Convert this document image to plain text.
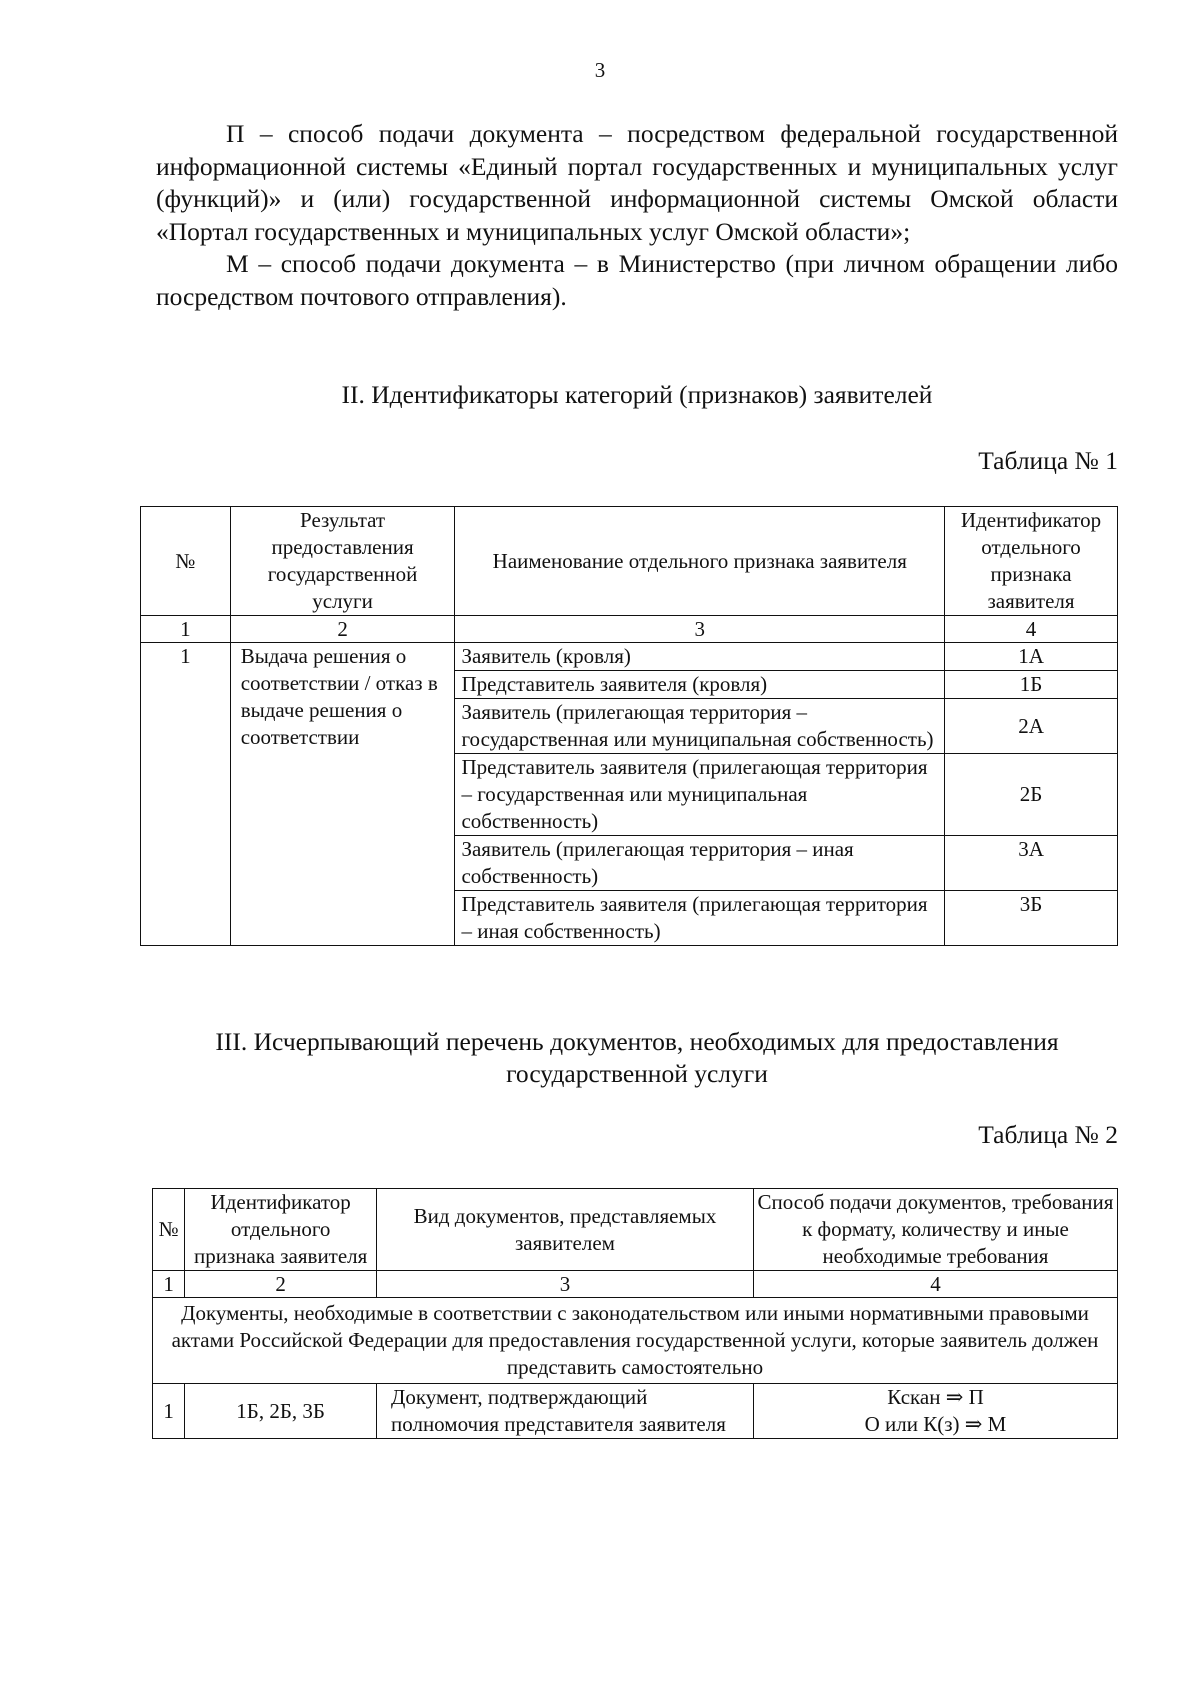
3

П – способ подачи документа – посредством федеральной государственной информационной системы «Единый портал государственных и муниципальных услуг (функций)» и (или) государственной информационной системы Омской области «Портал государственных и муниципальных услуг Омской области»;

М – способ подачи документа – в Министерство (при личном обращении либо посредством почтового отправления).

II. Идентификаторы категорий (признаков) заявителей
Таблица № 1
№	Результат предоставления государственной услуги	Наименование отдельного признака заявителя	Идентификатор отдельного признака заявителя
1	2	3	4
1	Выдача решения о соответствии / отказ в выдаче решения о соответствии	Заявитель (кровля)	1А
		Представитель заявителя (кровля)	1Б
		Заявитель (прилегающая территория – государственная или муниципальная собственность)	2А
		Представитель заявителя (прилегающая территория – государственная или муниципальная собственность)	2Б
		Заявитель (прилегающая территория – иная собственность)	3А
		Представитель заявителя (прилегающая территория – иная собственность)	3Б
III. Исчерпывающий перечень документов, необходимых для предоставления государственной услуги
Таблица № 2
№	Идентификатор отдельного признака заявителя	Вид документов, представляемых заявителем	Способ подачи документов, требования к формату, количеству и иные необходимые требования
1	2	3	4
Документы, необходимые в соответствии с законодательством или иными нормативными правовыми актами Российской Федерации для предоставления государственной услуги, которые заявитель должен представить самостоятельно			
1	1Б, 2Б, 3Б	Документ, подтверждающий полномочия представителя заявителя	Кскан ⇒ П
О или К(з) ⇒ М
